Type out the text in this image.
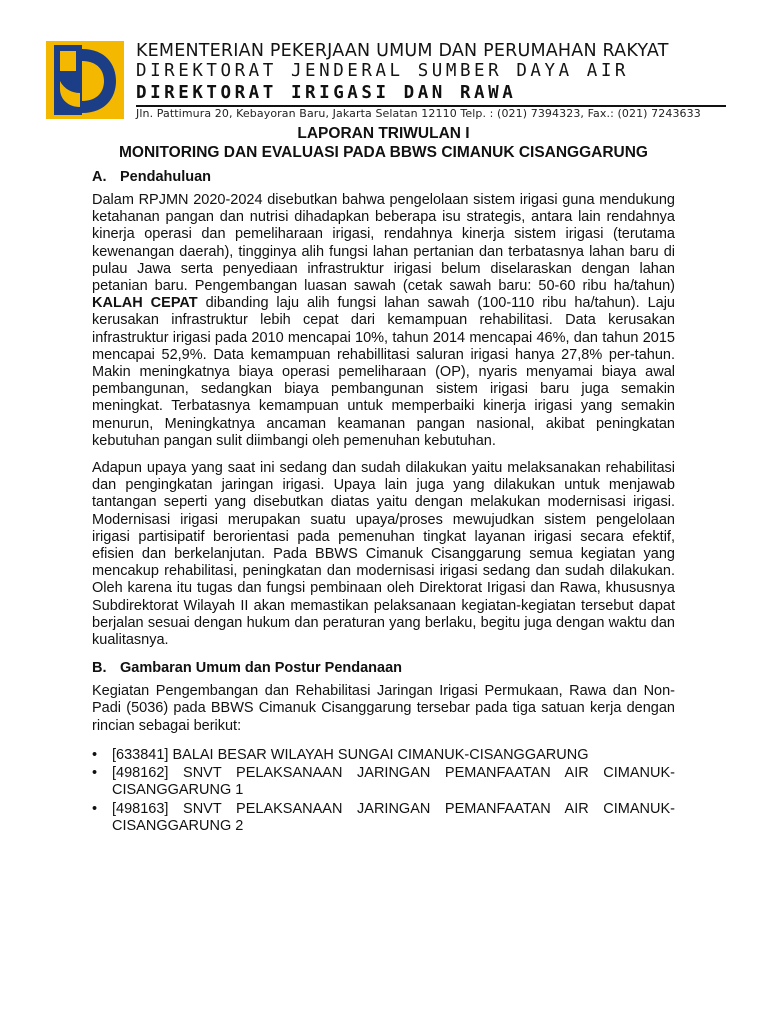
KEMENTERIAN PEKERJAAN UMUM DAN PERUMAHAN RAKYAT
DIREKTORAT JENDERAL SUMBER DAYA AIR
DIREKTORAT IRIGASI DAN RAWA
Jln. Pattimura 20, Kebayoran Baru, Jakarta Selatan 12110 Telp. : (021) 7394323, Fax.: (021) 7243633
LAPORAN TRIWULAN I
MONITORING DAN EVALUASI PADA BBWS CIMANUK CISANGGARUNG
A. Pendahuluan

Dalam RPJMN 2020-2024 disebutkan bahwa pengelolaan sistem irigasi guna mendukung ketahanan pangan dan nutrisi dihadapkan beberapa isu strategis, antara lain rendahnya kinerja operasi dan pemeliharaan irigasi, rendahnya kinerja sistem irigasi (terutama kewenangan daerah), tingginya alih fungsi lahan pertanian dan terbatasnya lahan baru di pulau Jawa serta penyediaan infrastruktur irigasi belum diselaraskan dengan lahan petanian baru. Pengembangan luasan sawah (cetak sawah baru: 50-60 ribu ha/tahun) KALAH CEPAT dibanding laju alih fungsi lahan sawah (100-110 ribu ha/tahun). Laju kerusakan infrastruktur lebih cepat dari kemampuan rehabilitasi. Data kerusakan infrastruktur irigasi pada 2010 mencapai 10%, tahun 2014 mencapai 46%, dan tahun 2015 mencapai 52,9%. Data kemampuan rehabillitasi saluran irigasi hanya 27,8% per-tahun. Makin meningkatnya biaya operasi pemeliharaan (OP), nyaris menyamai biaya awal pembangunan, sedangkan biaya pembangunan sistem irigasi baru juga semakin meningkat. Terbatasnya kemampuan untuk memperbaiki kinerja irigasi yang semakin menurun, Meningkatnya ancaman keamanan pangan nasional, akibat peningkatan kebutuhan pangan sulit diimbangi oleh pemenuhan kebutuhan.

Adapun upaya yang saat ini sedang dan sudah dilakukan yaitu melaksanakan rehabilitasi dan pengingkatan jaringan irigasi. Upaya lain juga yang dilakukan untuk menjawab tantangan seperti yang disebutkan diatas yaitu dengan melakukan modernisasi irigasi. Modernisasi irigasi merupakan suatu upaya/proses mewujudkan sistem pengelolaan irigasi partisipatif berorientasi pada pemenuhan tingkat layanan irigasi secara efektif, efisien dan berkelanjutan. Pada BBWS Cimanuk Cisanggarung semua kegiatan yang mencakup rehabilitasi, peningkatan dan modernisasi irigasi sedang dan sudah dilakukan. Oleh karena itu tugas dan fungsi pembinaan oleh Direktorat Irigasi dan Rawa, khususnya Subdirektorat Wilayah II akan memastikan pelaksanaan kegiatan-kegiatan tersebut dapat berjalan sesuai dengan hukum dan peraturan yang berlaku, begitu juga dengan waktu dan kualitasnya.

B. Gambaran Umum dan Postur Pendanaan

Kegiatan Pengembangan dan Rehabilitasi Jaringan Irigasi Permukaan, Rawa dan Non-Padi (5036) pada BBWS Cimanuk Cisanggarung tersebar pada tiga satuan kerja dengan rincian sebagai berikut:

• [633841] BALAI BESAR WILAYAH SUNGAI CIMANUK-CISANGGARUNG
• [498162] SNVT PELAKSANAAN JARINGAN PEMANFAATAN AIR CIMANUK-CISANGGARUNG 1
• [498163] SNVT PELAKSANAAN JARINGAN PEMANFAATAN AIR CIMANUK-CISANGGARUNG 2
